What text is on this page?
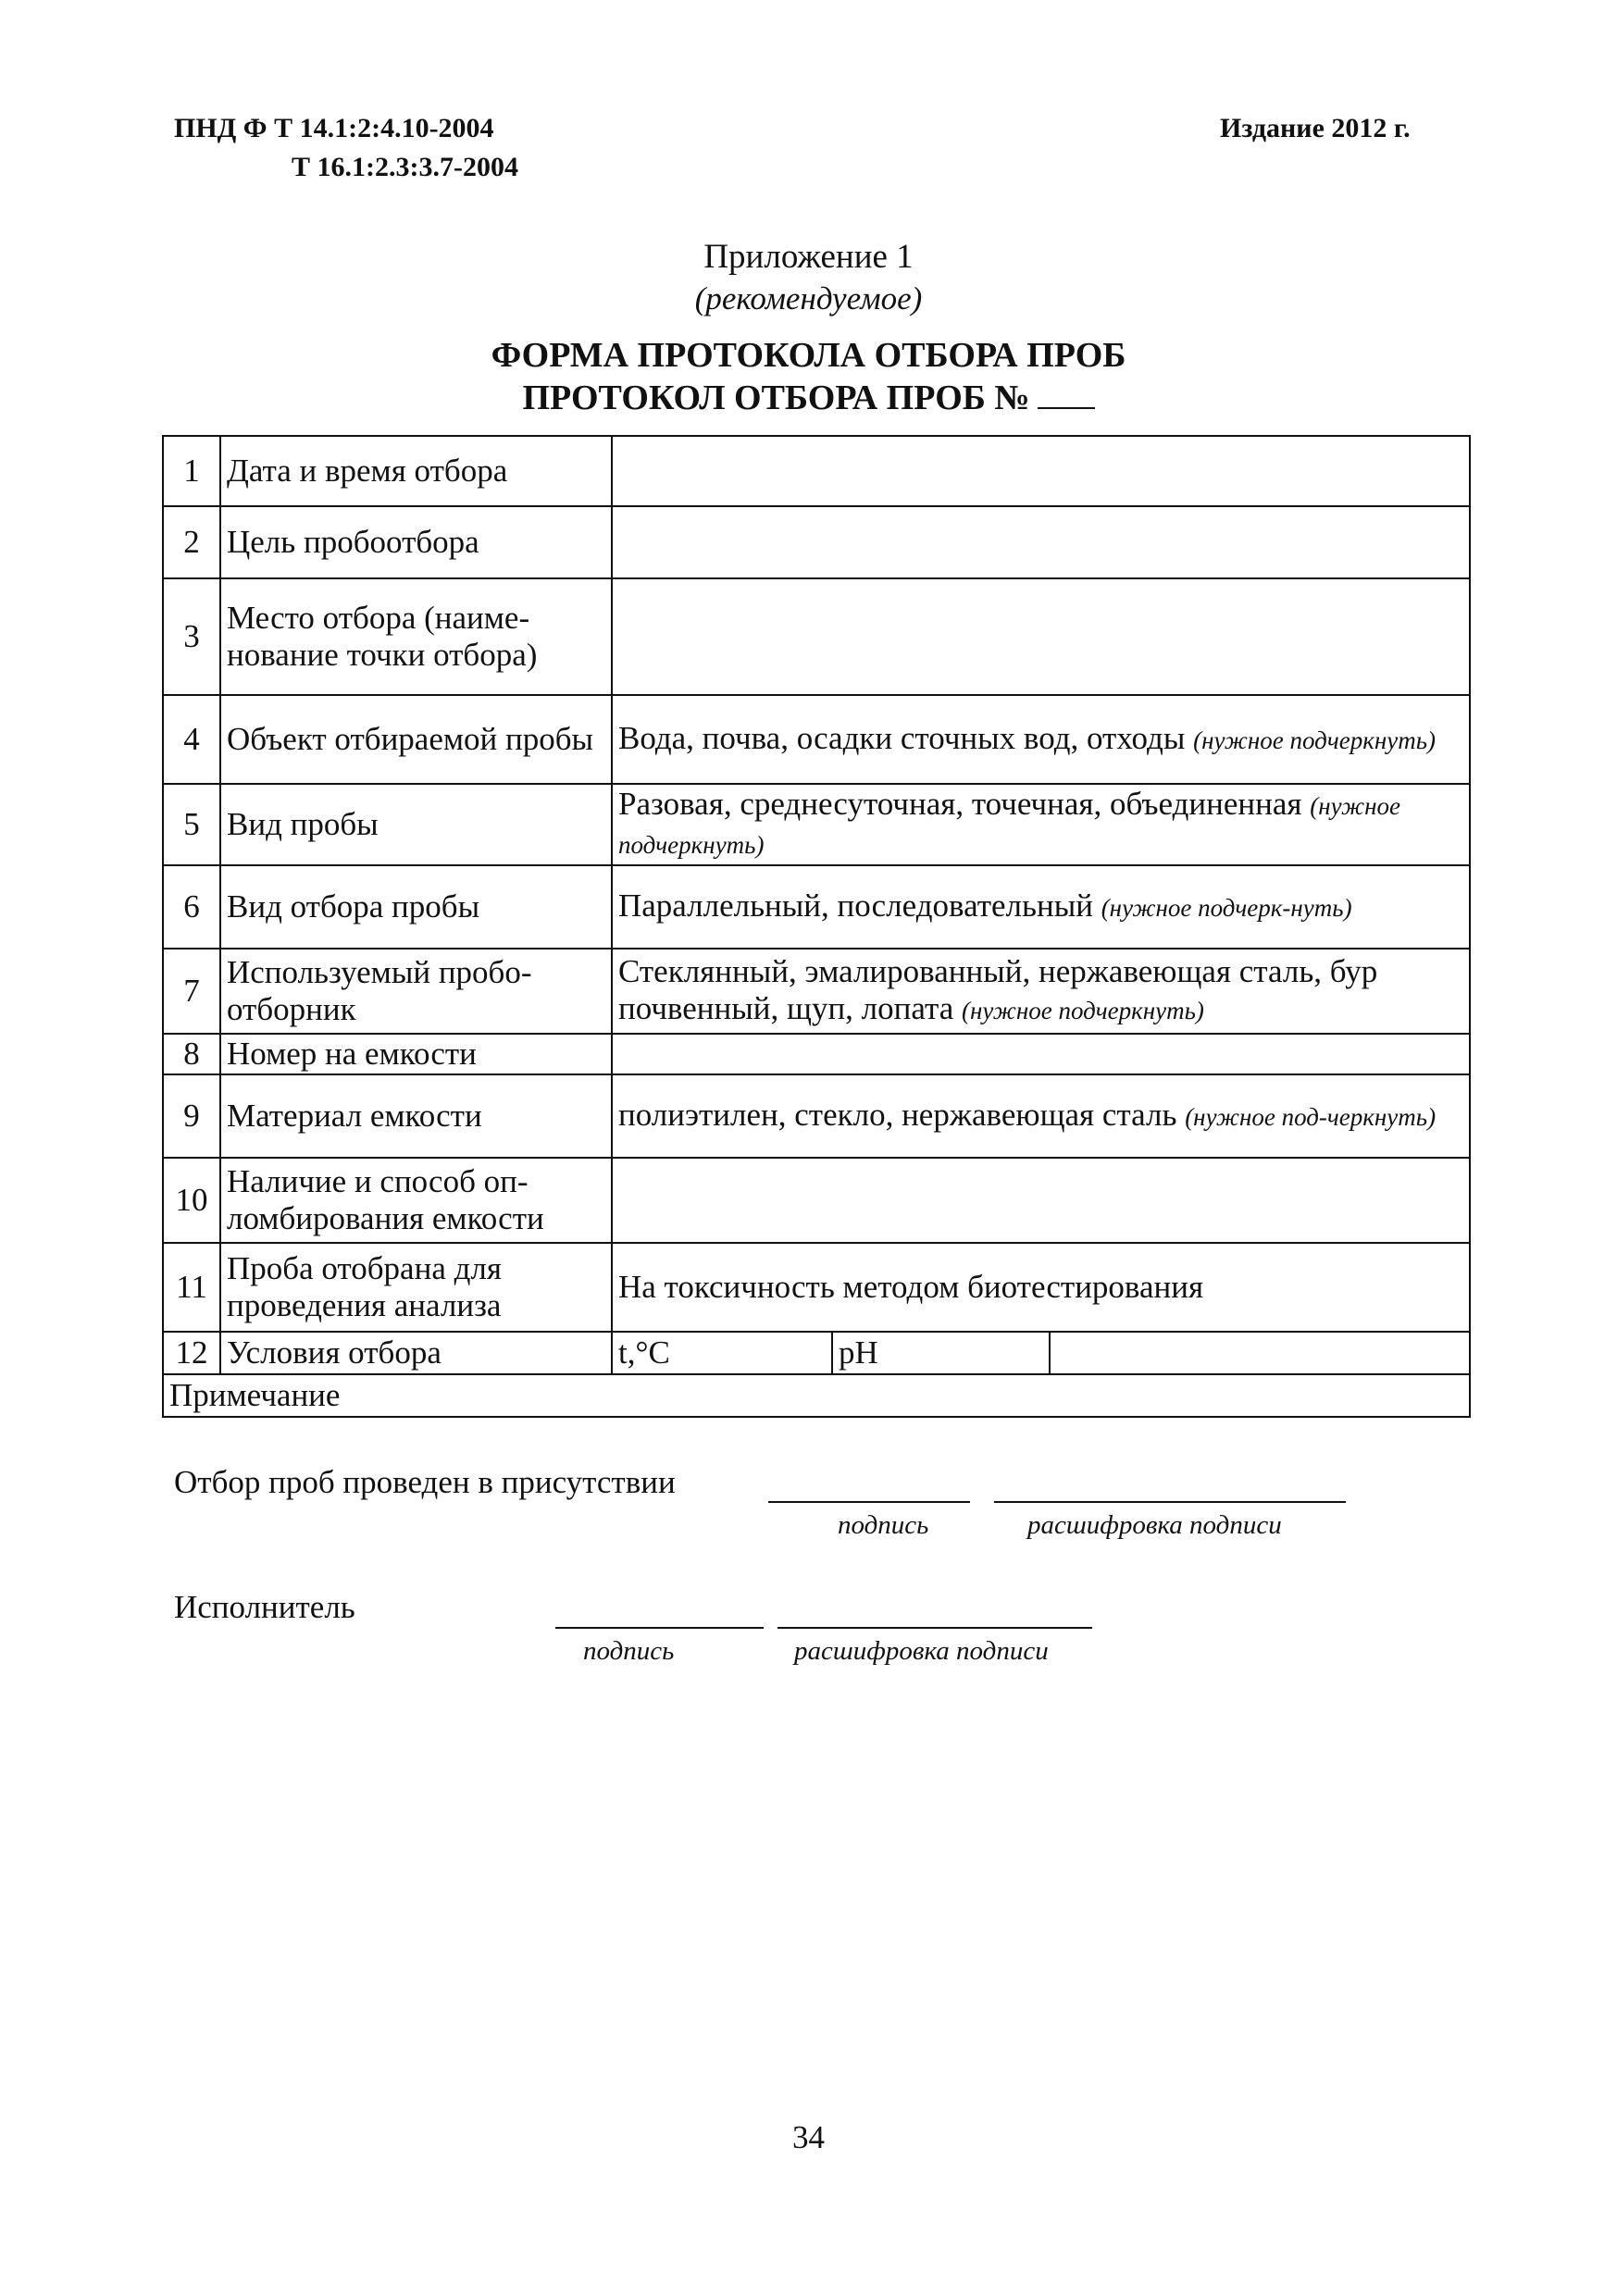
ПНД Ф Т 14.1:2:4.10-2004
Т 16.1:2.3:3.7-2004
Издание 2012 г.
Приложение 1
(рекомендуемое)
ФОРМА ПРОТОКОЛА ОТБОРА ПРОБ
ПРОТОКОЛ ОТБОРА ПРОБ №
1	Дата и время отбора			
2	Цель пробоотбора			
3	Место отбора (наиме-нование точки отбора)			
4	Объект отбираемой пробы	Вода, почва, осадки сточных вод, отходы (нужное подчеркнуть)		
5	Вид пробы	Разовая, среднесуточная, точечная, объединенная (нужное подчеркнуть)		
6	Вид отбора пробы	Параллельный, последовательный (нужное подчерк-нуть)		
7	Используемый пробо-отборник	Стеклянный, эмалированный, нержавеющая сталь, бур почвенный, щуп, лопата (нужное подчеркнуть)		
8	Номер на емкости			
9	Материал емкости	полиэтилен, стекло, нержавеющая сталь (нужное под-черкнуть)		
10	Наличие и способ оп-ломбирования емкости			
11	Проба отобрана для проведения анализа	На токсичность методом биотестирования		
12	Условия отбора	t,°C	pH	
Примечание				
Отбор проб проведен в присутствии
подпись	расшифровка подписи
Исполнитель
подпись	расшифровка подписи
34
